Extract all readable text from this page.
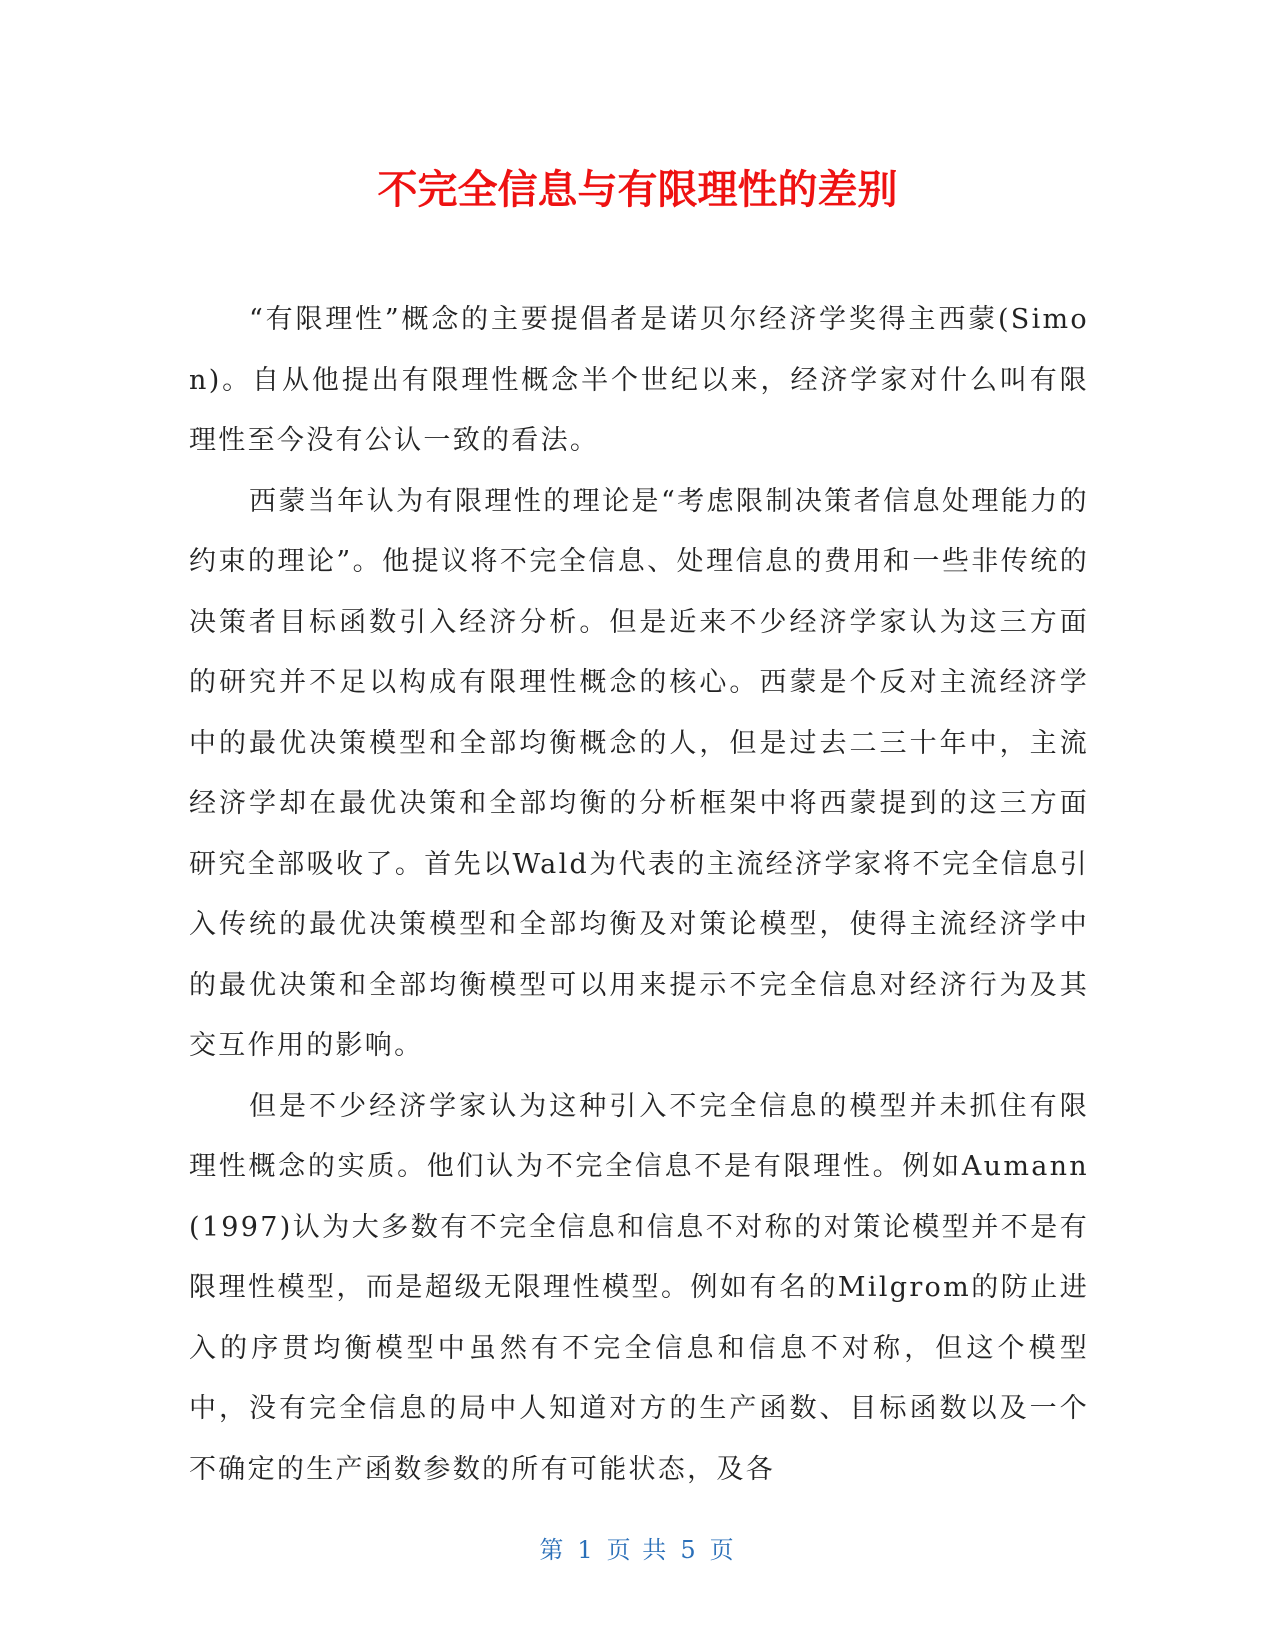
不完全信息与有限理性的差别

“有限理性”概念的主要提倡者是诺贝尔经济学奖得主西蒙(Simon)。自从他提出有限理性概念半个世纪以来，经济学家对什么叫有限理性至今没有公认一致的看法。

西蒙当年认为有限理性的理论是“考虑限制决策者信息处理能力的约束的理论”。他提议将不完全信息、处理信息的费用和一些非传统的决策者目标函数引入经济分析。但是近来不少经济学家认为这三方面的研究并不足以构成有限理性概念的核心。西蒙是个反对主流经济学中的最优决策模型和全部均衡概念的人，但是过去二三十年中，主流经济学却在最优决策和全部均衡的分析框架中将西蒙提到的这三方面研究全部吸收了。首先以Wald为代表的主流经济学家将不完全信息引入传统的最优决策模型和全部均衡及对策论模型，使得主流经济学中的最优决策和全部均衡模型可以用来提示不完全信息对经济行为及其交互作用的影响。

但是不少经济学家认为这种引入不完全信息的模型并未抓住有限理性概念的实质。他们认为不完全信息不是有限理性。例如Aumann(1997)认为大多数有不完全信息和信息不对称的对策论模型并不是有限理性模型，而是超级无限理性模型。例如有名的Milgrom的防止进入的序贯均衡模型中虽然有不完全信息和信息不对称，但这个模型中，没有完全信息的局中人知道对方的生产函数、目标函数以及一个不确定的生产函数参数的所有可能状态，及各

第 1 页 共 5 页
